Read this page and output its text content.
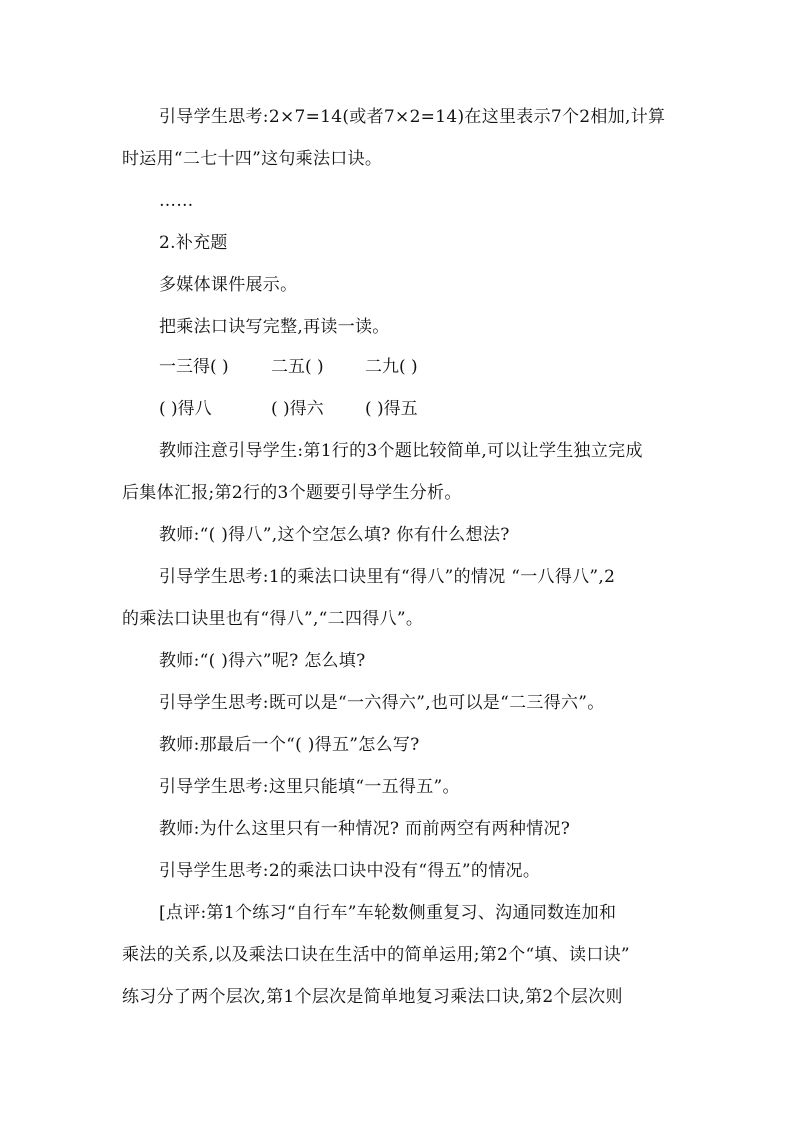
引导学生思考:2×7=14(或者7×2=14)在这里表示7个2相加,计算
时运用“二七十四”这句乘法口诀。
……
2.补充题
多媒体课件展示。
把乘法口诀写完整,再读一读。
一三得( ) 二五( ) 二九( )
( )得八	( )得六 ( )得五
教师注意引导学生:第1行的3个题比较简单,可以让学生独立完成
后集体汇报;第2行的3个题要引导学生分析。
教师:“( )得八”,这个空怎么填? 你有什么想法?
引导学生思考:1的乘法口诀里有“得八”的情况 “一八得八”,2
的乘法口诀里也有“得八”,“二四得八”。
教师:“( )得六”呢? 怎么填?
引导学生思考:既可以是“一六得六”,也可以是“二三得六”。
教师:那最后一个“( )得五”怎么写?
引导学生思考:这里只能填“一五得五”。
教师:为什么这里只有一种情况? 而前两空有两种情况?
引导学生思考:2的乘法口诀中没有“得五”的情况。
[点评:第1个练习“自行车”车轮数侧重复习、沟通同数连加和
乘法的关系,以及乘法口诀在生活中的简单运用;第2个“填、读口诀”
练习分了两个层次,第1个层次是简单地复习乘法口诀,第2个层次则
